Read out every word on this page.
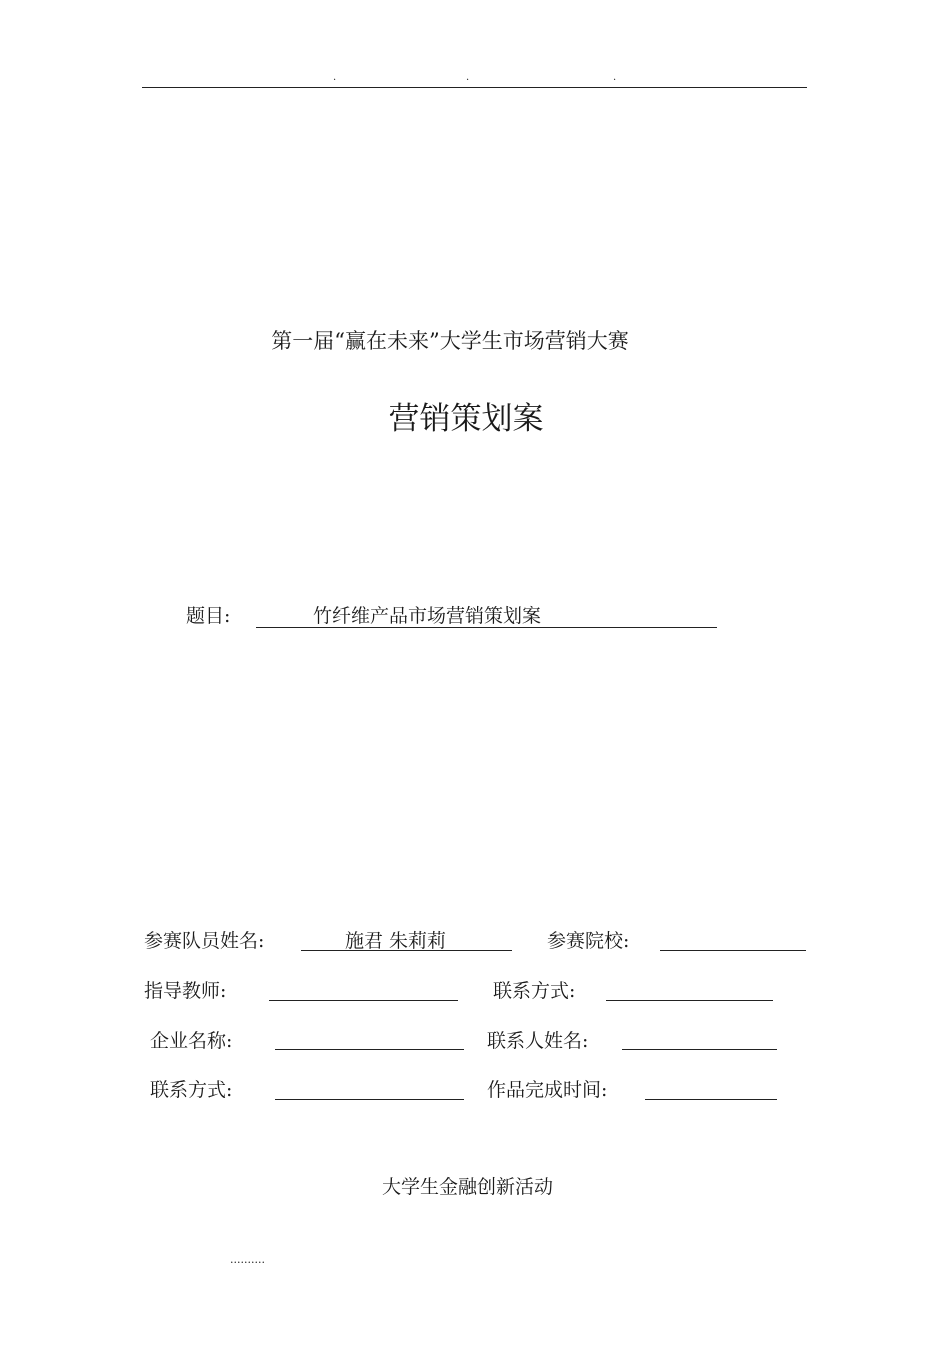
.	.	.
第一届“赢在未来”大学生市场营销大赛
营销策划案
题目:	竹纤维产品市场营销策划案
参赛队员姓名:	施君 朱莉莉	参赛院校:
指导教师:	联系方式:
企业名称:	联系人姓名:
联系方式:	作品完成时间:
大学生金融创新活动
..........
